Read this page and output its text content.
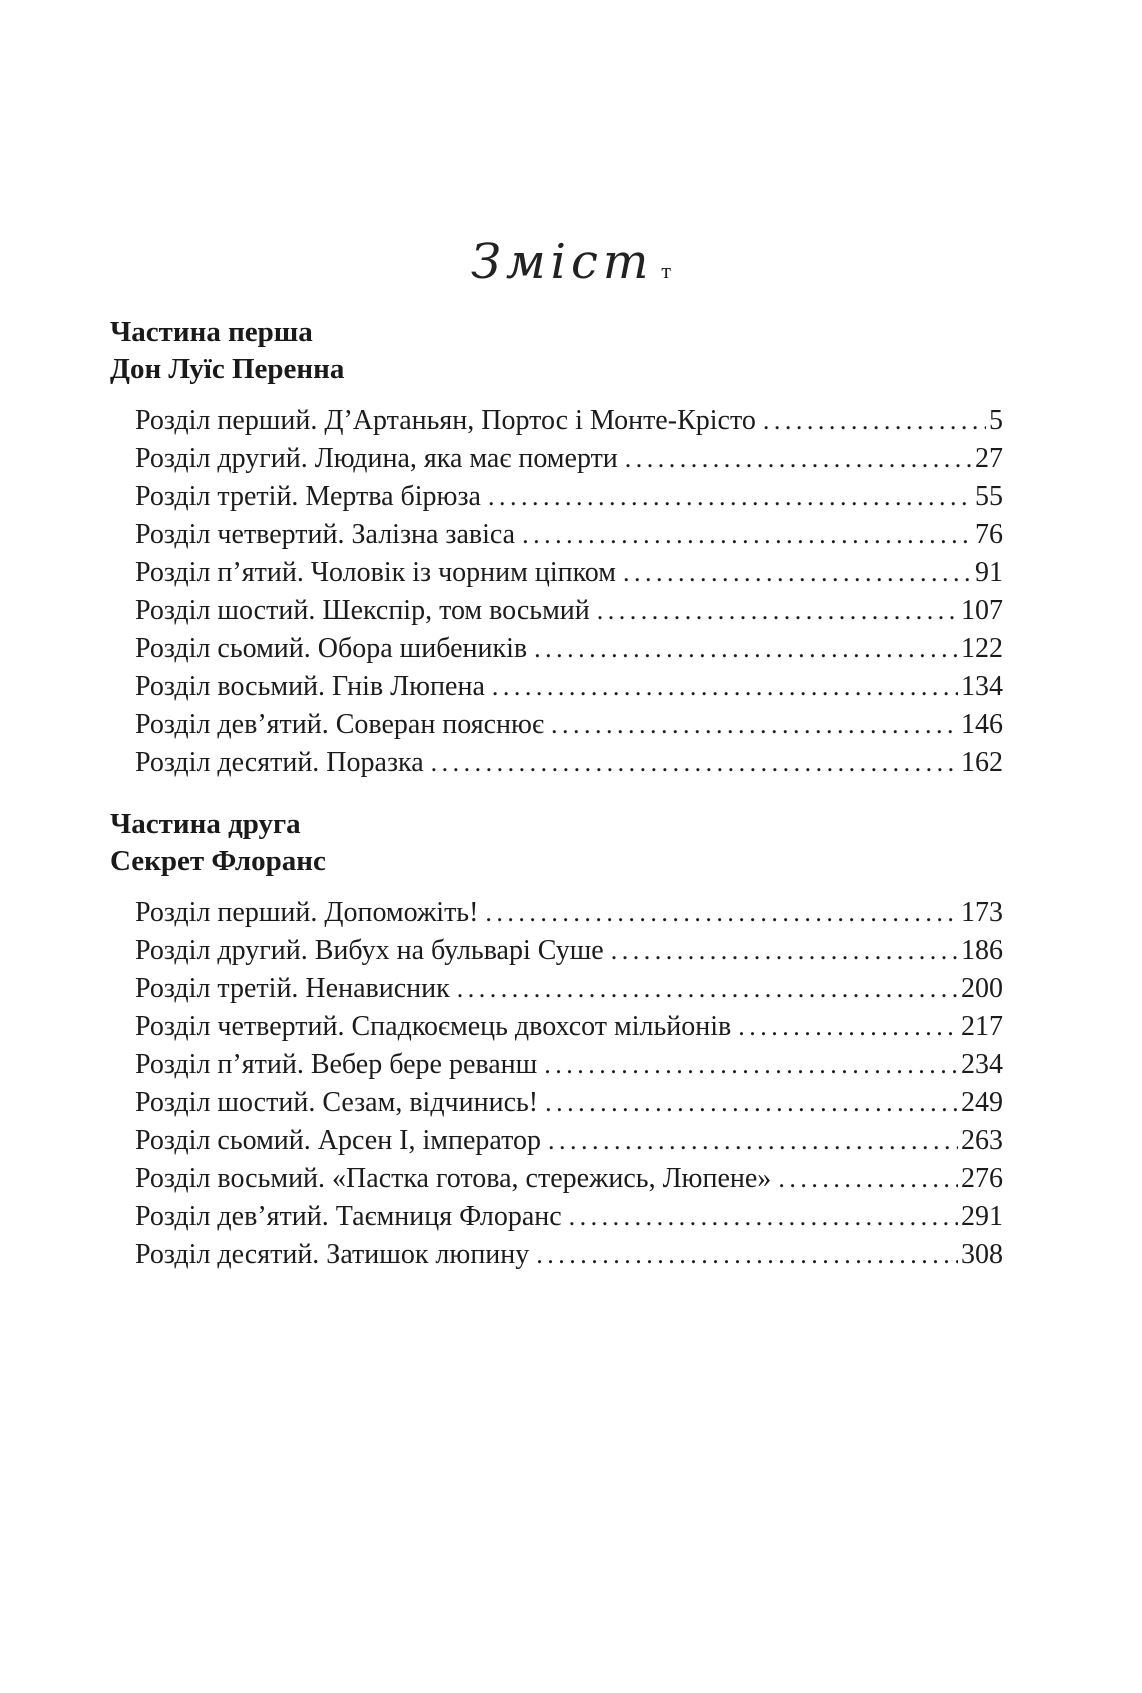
Зміст т
Частина перша
Дон Луїс Перенна
Розділ перший. Д’Артаньян, Портос і Монте-Крісто .....	5
Розділ другий. Людина, яка має померти .....	27
Розділ третій. Мертва бірюза .....	55
Розділ четвертий. Залізна завіса .....	76
Розділ п’ятий. Чоловік із чорним ціпком .....	91
Розділ шостий. Шекспір, том восьмий .....	107
Розділ сьомий. Обора шибеників .....	122
Розділ восьмий. Гнів Люпена .....	134
Розділ дев’ятий. Соверан пояснює .....	146
Розділ десятий. Поразка .....	162
Частина друга
Секрет Флоранс
Розділ перший. Допоможіть! .....	173
Розділ другий. Вибух на бульварі Суше .....	186
Розділ третій. Ненависник .....	200
Розділ четвертий. Спадкоємець двохсот мільйонів .....	217
Розділ п’ятий. Вебер бере реванш .....	234
Розділ шостий. Сезам, відчинись! .....	249
Розділ сьомий. Арсен І, імператор .....	263
Розділ восьмий. «Пастка готова, стережись, Люпене» .....	276
Розділ дев’ятий. Таємниця Флоранс .....	291
Розділ десятий. Затишок люпину .....	308
